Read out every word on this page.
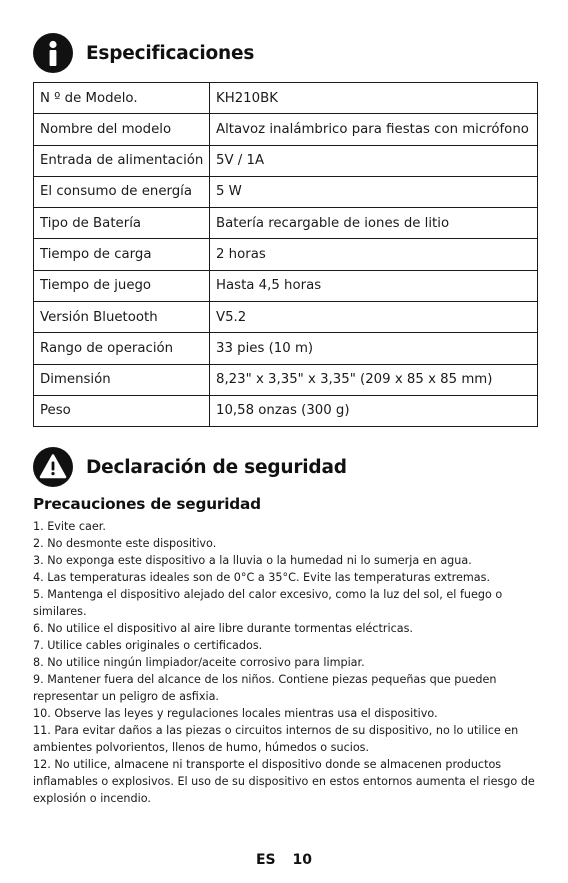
Especificaciones
N º de Modelo.	KH210BK
Nombre del modelo	Altavoz inalámbrico para fiestas con micrófono
Entrada de alimentación	5V / 1A
El consumo de energía	5 W
Tipo de Batería	Batería recargable de iones de litio
Tiempo de carga	2 horas
Tiempo de juego	Hasta 4,5 horas
Versión Bluetooth	V5.2
Rango de operación	33 pies (10 m)
Dimensión	8,23" x 3,35" x 3,35" (209 x 85 x 85 mm)
Peso	10,58 onzas (300 g)
Declaración de seguridad
Precauciones de seguridad
1. Evite caer.
2. No desmonte este dispositivo.
3. No exponga este dispositivo a la lluvia o la humedad ni lo sumerja en agua.
4. Las temperaturas ideales son de 0°C a 35°C. Evite las temperaturas extremas.
5. Mantenga el dispositivo alejado del calor excesivo, como la luz del sol, el fuego o similares.
6. No utilice el dispositivo al aire libre durante tormentas eléctricas.
7. Utilice cables originales o certificados.
8. No utilice ningún limpiador/aceite corrosivo para limpiar.
9. Mantener fuera del alcance de los niños. Contiene piezas pequeñas que pueden representar un peligro de asfixia.
10. Observe las leyes y regulaciones locales mientras usa el dispositivo.
11. Para evitar daños a las piezas o circuitos internos de su dispositivo, no lo utilice en ambientes polvorientos, llenos de humo, húmedos o sucios.
12. No utilice, almacene ni transporte el dispositivo donde se almacenen productos inflamables o explosivos. El uso de su dispositivo en estos entornos aumenta el riesgo de explosión o incendio.
ES 10
